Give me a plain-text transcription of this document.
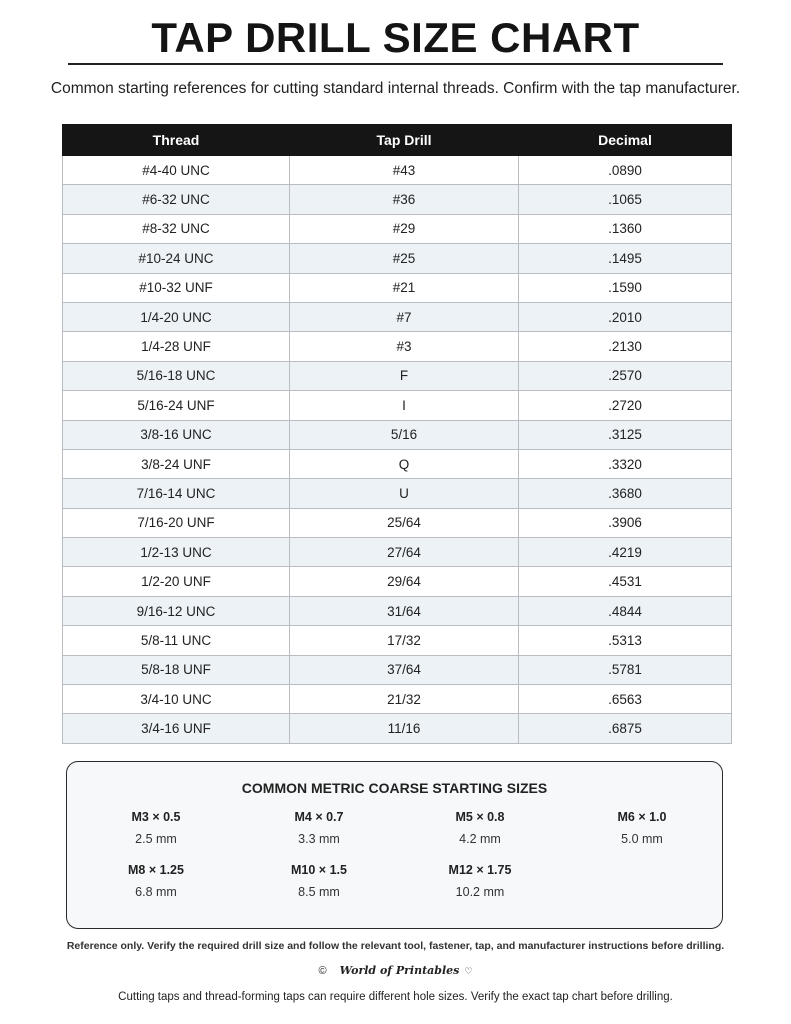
TAP DRILL SIZE CHART
Common starting references for cutting standard internal threads. Confirm with the tap manufacturer.
Thread	Tap Drill	Decimal
#4-40 UNC	#43	.0890
#6-32 UNC	#36	.1065
#8-32 UNC	#29	.1360
#10-24 UNC	#25	.1495
#10-32 UNF	#21	.1590
1/4-20 UNC	#7	.2010
1/4-28 UNF	#3	.2130
5/16-18 UNC	F	.2570
5/16-24 UNF	I	.2720
3/8-16 UNC	5/16	.3125
3/8-24 UNF	Q	.3320
7/16-14 UNC	U	.3680
7/16-20 UNF	25/64	.3906
1/2-13 UNC	27/64	.4219
1/2-20 UNF	29/64	.4531
9/16-12 UNC	31/64	.4844
5/8-11 UNC	17/32	.5313
5/8-18 UNF	37/64	.5781
3/4-10 UNC	21/32	.6563
3/4-16 UNF	11/16	.6875
COMMON METRIC COARSE STARTING SIZES
M3 × 0.5
2.5 mm
M4 × 0.7
3.3 mm
M5 × 0.8
4.2 mm
M6 × 1.0
5.0 mm
M8 × 1.25
6.8 mm
M10 × 1.5
8.5 mm
M12 × 1.75
10.2 mm
Reference only. Verify the required drill size and follow the relevant tool, fastener, tap, and manufacturer instructions before drilling.
© World of Printables ♡
Cutting taps and thread-forming taps can require different hole sizes. Verify the exact tap chart before drilling.
